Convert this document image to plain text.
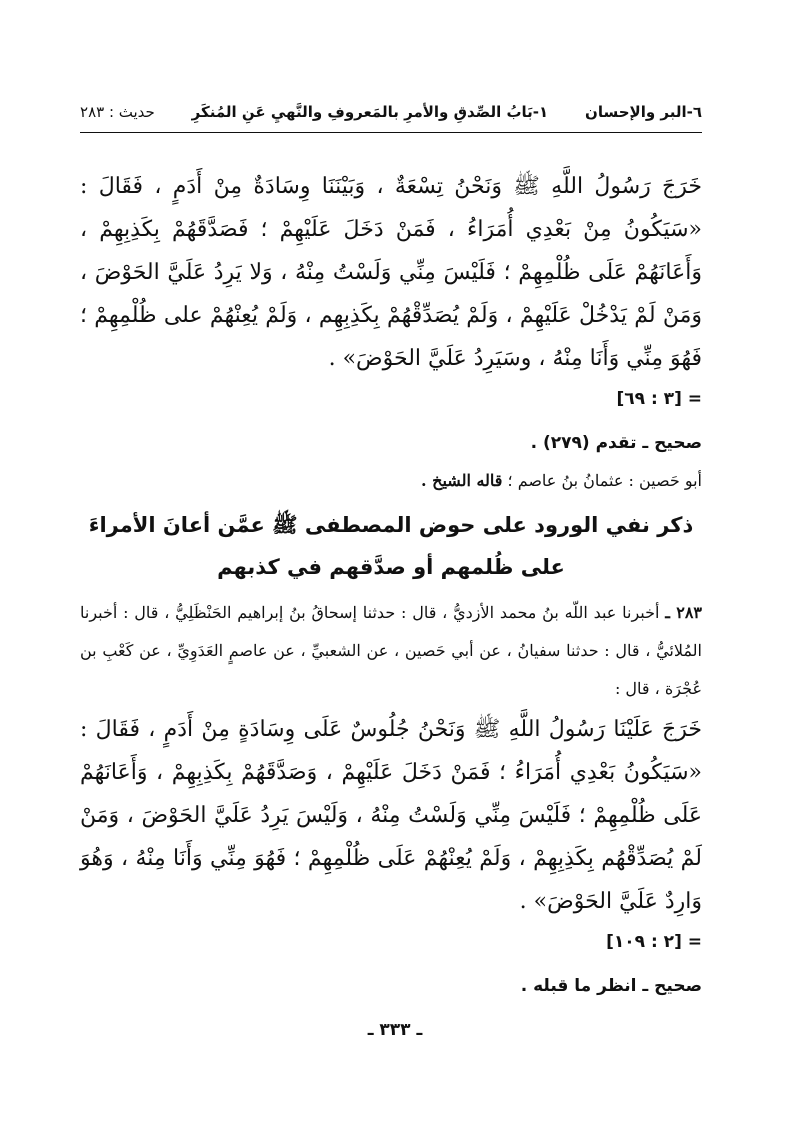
٦-البر والإحسان
١-بَابُ الصِّدقِ والأمرِ بالمَعروفِ والنَّهيِ عَنِ المُنكَرِ
حديث : ٢٨٣

خَرَجَ رَسُولُ اللَّهِ ﷺ وَنَحْنُ تِسْعَةٌ ، وَبَيْنَنَا وِسَادَةٌ مِنْ أَدَمٍ ، فَقَالَ : «سَيَكُونُ مِنْ بَعْدِي أُمَرَاءُ ، فَمَنْ دَخَلَ عَلَيْهِمْ ؛ فَصَدَّقَهُمْ بِكَذِبِهِمْ ، وَأَعَانَهُمْ عَلَى ظُلْمِهِمْ ؛ فَلَيْسَ مِنِّي وَلَسْتُ مِنْهُ ، وَلا يَرِدُ عَلَيَّ الحَوْضَ ، وَمَنْ لَمْ يَدْخُلْ عَلَيْهِمْ ، وَلَمْ يُصَدِّقْهُمْ بِكَذِبِهِم ، وَلَمْ يُعِنْهُمْ على ظُلْمِهِمْ ؛ فَهُوَ مِنِّي وَأَنَا مِنْهُ ، وسَيَرِدُ عَلَيَّ الحَوْضَ» .

= [٣ : ٦٩]

صحيح ـ تقدم (٢٧٩) .

أبو حَصين : عثمانُ بنُ عاصم ؛ قاله الشيخ .

ذكر نفي الورود على حوض المصطفى ﷺ عمَّن أعانَ الأمراءَ
على ظُلمهم أو صدَّقهم في كذبهم

٢٨٣ ـ أخبرنا عبد اللّه بنُ محمد الأزديُّ ، قال : حدثنا إسحاقُ بنُ إبراهيم الحَنْظَلِيُّ ، قال : أخبرنا المُلائيُّ ، قال : حدثنا سفيانُ ، عن أبي حَصين ، عن الشعبيِّ ، عن عاصمٍ العَدَوِيِّ ، عن كَعْبِ بن عُجْرَة ، قال :

خَرَجَ عَلَيْنَا رَسُولُ اللَّهِ ﷺ وَنَحْنُ جُلُوسٌ عَلَى وِسَادَةٍ مِنْ أَدَمٍ ، فَقَالَ : «سَيَكُونُ بَعْدِي أُمَرَاءُ ؛ فَمَنْ دَخَلَ عَلَيْهِمْ ، وَصَدَّقَهُمْ بِكَذِبِهِمْ ، وَأَعَانَهُمْ عَلَى ظُلْمِهِمْ ؛ فَلَيْسَ مِنِّي وَلَسْتُ مِنْهُ ، وَلَيْسَ يَرِدُ عَلَيَّ الحَوْضَ ، وَمَنْ لَمْ يُصَدِّقْهُم بِكَذِبِهِمْ ، وَلَمْ يُعِنْهُمْ عَلَى ظُلْمِهِمْ ؛ فَهُوَ مِنِّي وَأَنَا مِنْهُ ، وَهُوَ وَارِدٌ عَلَيَّ الحَوْضَ» .

= [٢ : ١٠٩]

صحيح ـ انظر ما قبله .

ـ ٣٣٣ ـ
